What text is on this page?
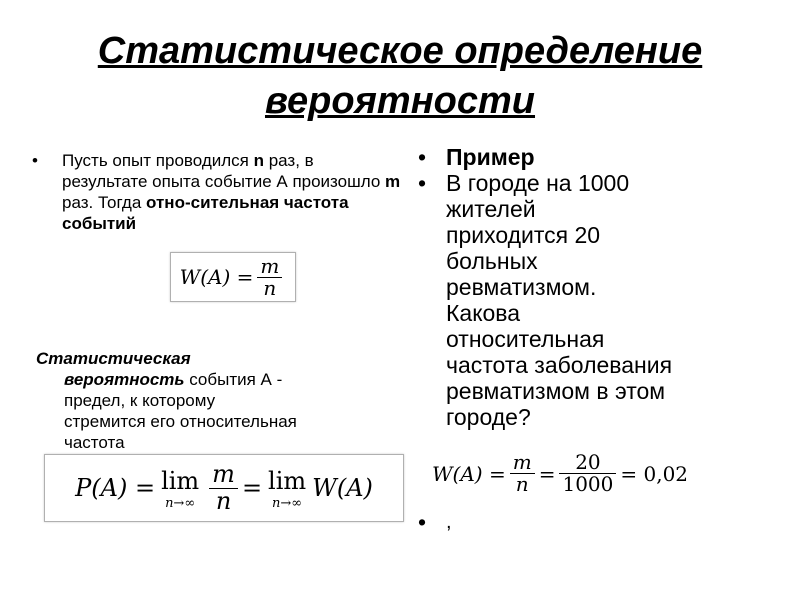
Статистическое определение
вероятности
• Пусть опыт проводился n раз, в результате опыта событие А произошло m раз. Тогда отно-сительная частота событий
$W(A) = \frac{m}{n}$
Статистическая
вероятность события А -
предел, к которому
стремится его относительная
частота
P(A) = lim
$n\to\infty \frac{m}{n} = \lim$
n→∞
W(A)
• Пример
• В городе на 1000
жителей
приходится 20
больных
ревматизмом.
Какова
относительная
частота заболевания
ревматизмом в этом
городе?
$W(A) = \frac{m}{n} = \frac{20}{1000} = 0,02$
• ,
